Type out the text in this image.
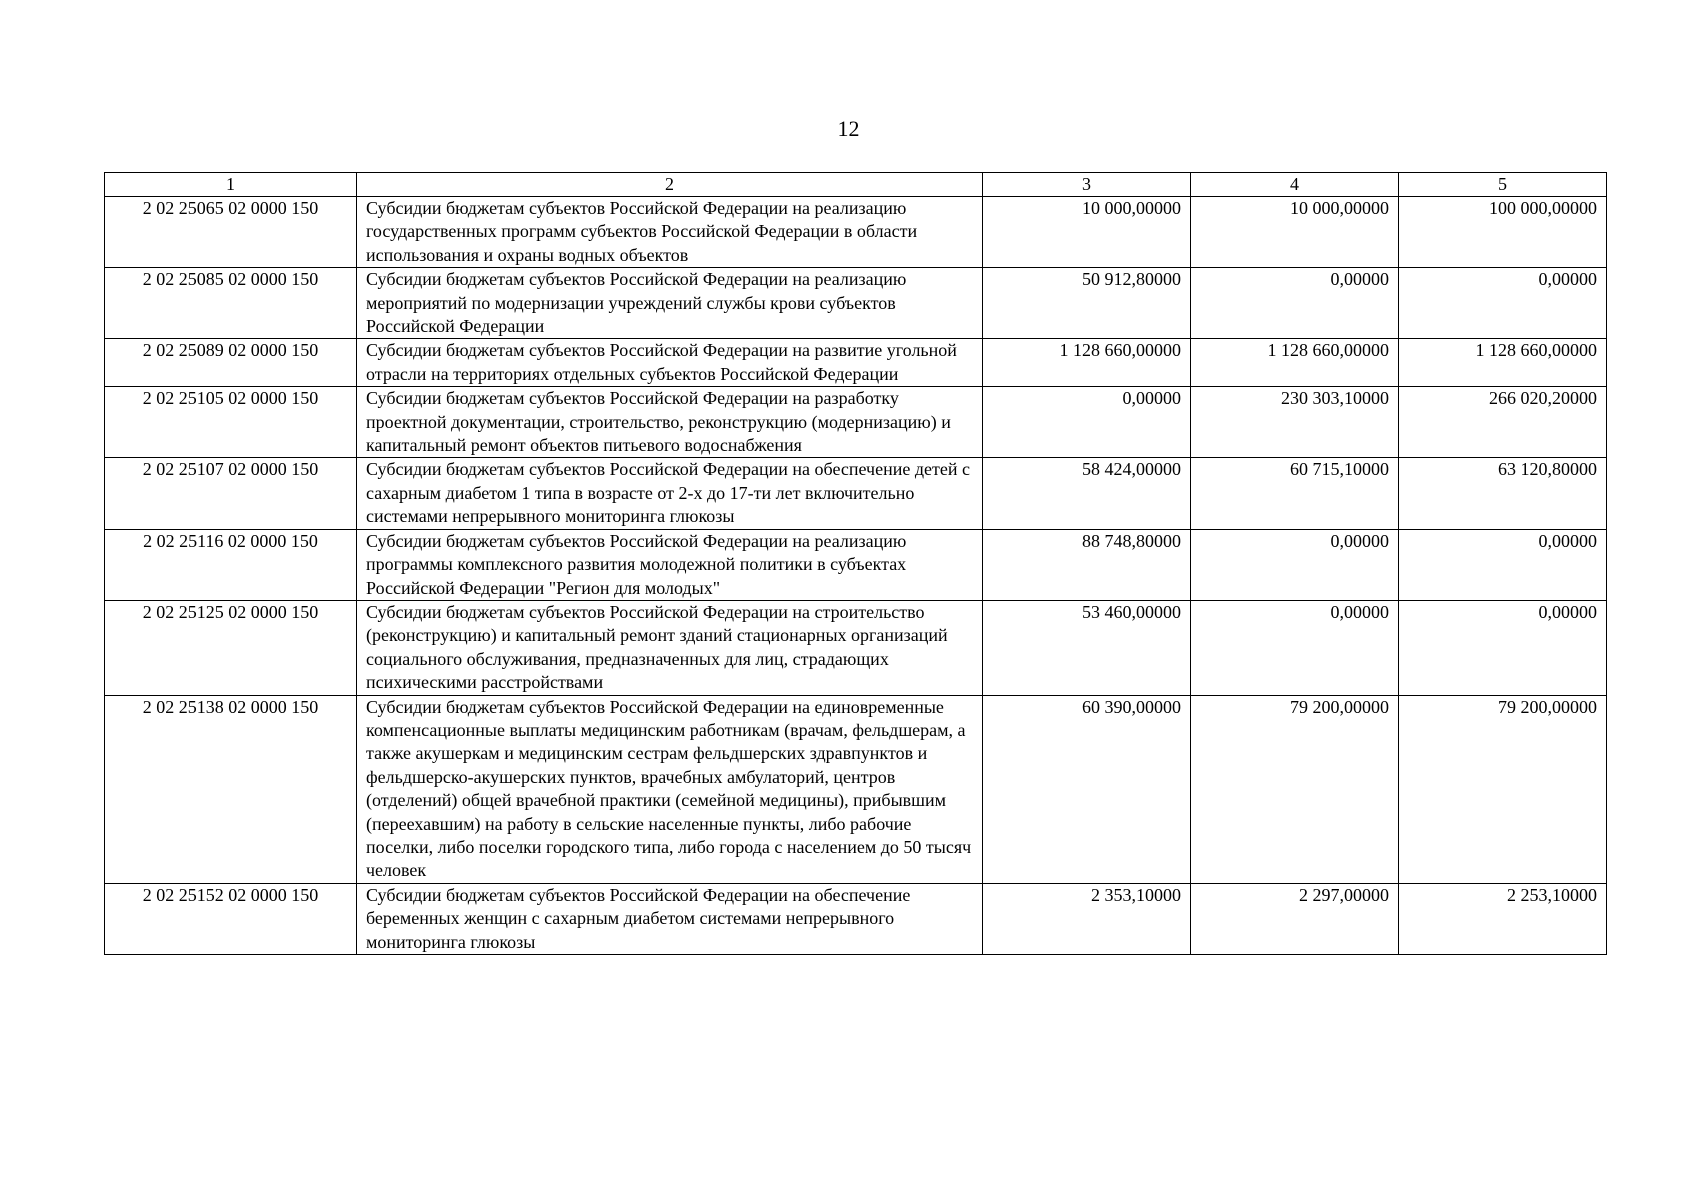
12
1	2	3	4	5
2 02 25065 02 0000 150	Субсидии бюджетам субъектов Российской Федерации на реализацию государственных программ субъектов Российской Федерации в области использования и охраны водных объектов	10 000,00000	10 000,00000	100 000,00000
2 02 25085 02 0000 150	Субсидии бюджетам субъектов Российской Федерации на реализацию мероприятий по модернизации учреждений службы крови субъектов Российской Федерации	50 912,80000	0,00000	0,00000
2 02 25089 02 0000 150	Субсидии бюджетам субъектов Российской Федерации на развитие угольной отрасли на территориях отдельных субъектов Российской Федерации	1 128 660,00000	1 128 660,00000	1 128 660,00000
2 02 25105 02 0000 150	Субсидии бюджетам субъектов Российской Федерации на разработку проектной документации, строительство, реконструкцию (модернизацию) и капитальный ремонт объектов питьевого водоснабжения	0,00000	230 303,10000	266 020,20000
2 02 25107 02 0000 150	Субсидии бюджетам субъектов Российской Федерации на обеспечение детей с сахарным диабетом 1 типа в возрасте от 2-х до 17-ти лет включительно системами непрерывного мониторинга глюкозы	58 424,00000	60 715,10000	63 120,80000
2 02 25116 02 0000 150	Субсидии бюджетам субъектов Российской Федерации на реализацию программы комплексного развития молодежной политики в субъектах Российской Федерации "Регион для молодых"	88 748,80000	0,00000	0,00000
2 02 25125 02 0000 150	Субсидии бюджетам субъектов Российской Федерации на строительство (реконструкцию) и капитальный ремонт зданий стационарных организаций социального обслуживания, предназначенных для лиц, страдающих психическими расстройствами	53 460,00000	0,00000	0,00000
2 02 25138 02 0000 150	Субсидии бюджетам субъектов Российской Федерации на единовременные компенсационные выплаты медицинским работникам (врачам, фельдшерам, а также акушеркам и медицинским сестрам фельдшерских здравпунктов и фельдшерско-акушерских пунктов, врачебных амбулаторий, центров (отделений) общей врачебной практики (семейной медицины), прибывшим (переехавшим) на работу в сельские населенные пункты, либо рабочие поселки, либо поселки городского типа, либо города с населением до 50 тысяч человек	60 390,00000	79 200,00000	79 200,00000
2 02 25152 02 0000 150	Субсидии бюджетам субъектов Российской Федерации на обеспечение беременных женщин с сахарным диабетом системами непрерывного мониторинга глюкозы	2 353,10000	2 297,00000	2 253,10000
